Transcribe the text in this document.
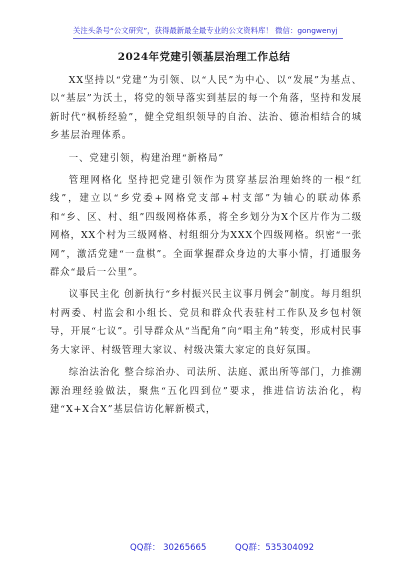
关注头条号“公文研究”，获得最新最全最专业的公文资料库！ 微信：gongwenyj
2024年党建引领基层治理工作总结

XX坚持以“党建”为引领、以“人民”为中心、以“发展”为基点、以“基层”为沃土，将党的领导落实到基层的每一个角落，坚持和发展新时代“枫桥经验”，健全党组织领导的自治、法治、德治相结合的城乡基层治理体系。

一、党建引领，构建治理“新格局”

管理网格化 坚持把党建引领作为贯穿基层治理始终的一根“红线”，建立以“乡党委+网格党支部+村支部”为轴心的联动体系和“乡、区、村、组”四级网格体系，将全乡划分为X个区片作为二级网格，XX个村为三级网格、村组细分为XXX个四级网格。织密“一张网”，激活党建“一盘棋”。全面掌握群众身边的大事小情，打通服务群众“最后一公里”。

议事民主化 创新执行“乡村振兴民主议事月例会”制度。每月组织村两委、村监会和小组长、党员和群众代表驻村工作队及乡包村领导，开展“七议”。引导群众从“当配角”向“唱主角”转变，形成村民事务大家评、村级管理大家议、村级决策大家定的良好氛围。

综治法治化 整合综治办、司法所、法庭、派出所等部门，力推溯源治理经验做法，聚焦“五化四到位”要求，推进信访法治化，构建“X+X合X”基层信访化解新模式，

QQ群： 30265665	QQ群：535304092
